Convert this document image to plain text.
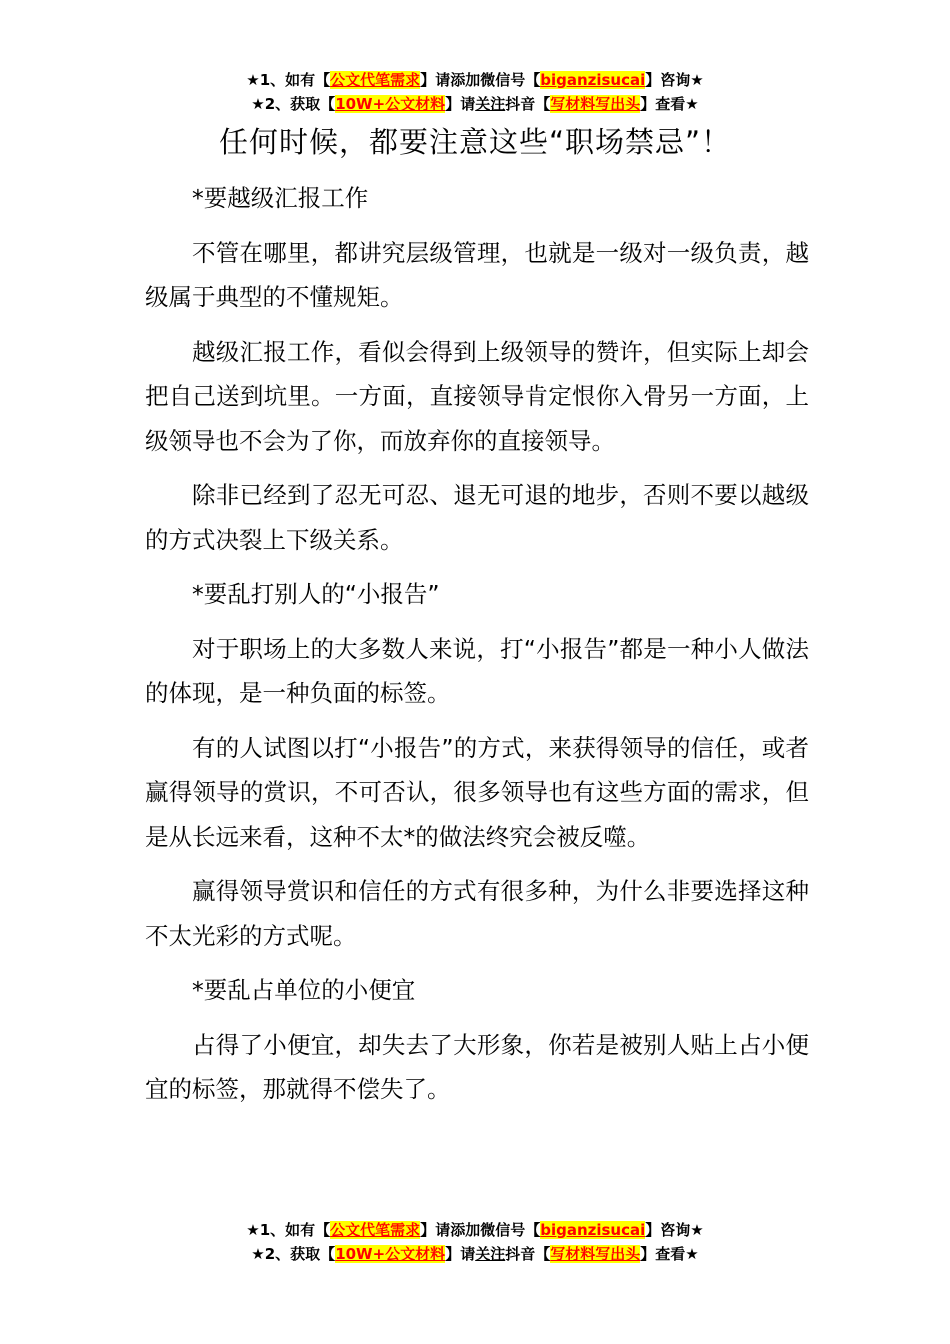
★1、如有【公文代笔需求】请添加微信号【biganzisucai】咨询★
★2、获取【10W+公文材料】请关注抖音【写材料写出头】查看★
任何时候，都要注意这些“职场禁忌”！

*要越级汇报工作

不管在哪里，都讲究层级管理，也就是一级对一级负责，越级属于典型的不懂规矩。

越级汇报工作，看似会得到上级领导的赞许，但实际上却会把自己送到坑里。一方面，直接领导肯定恨你入骨另一方面，上级领导也不会为了你，而放弃你的直接领导。

除非已经到了忍无可忍、退无可退的地步，否则不要以越级的方式决裂上下级关系。

*要乱打别人的“小报告”

对于职场上的大多数人来说，打“小报告”都是一种小人做法的体现，是一种负面的标签。

有的人试图以打“小报告”的方式，来获得领导的信任，或者赢得领导的赏识，不可否认，很多领导也有这些方面的需求，但是从长远来看，这种不太*的做法终究会被反噬。

赢得领导赏识和信任的方式有很多种，为什么非要选择这种不太光彩的方式呢。

*要乱占单位的小便宜

占得了小便宜，却失去了大形象，你若是被别人贴上占小便宜的标签，那就得不偿失了。

★1、如有【公文代笔需求】请添加微信号【biganzisucai】咨询★
★2、获取【10W+公文材料】请关注抖音【写材料写出头】查看★
